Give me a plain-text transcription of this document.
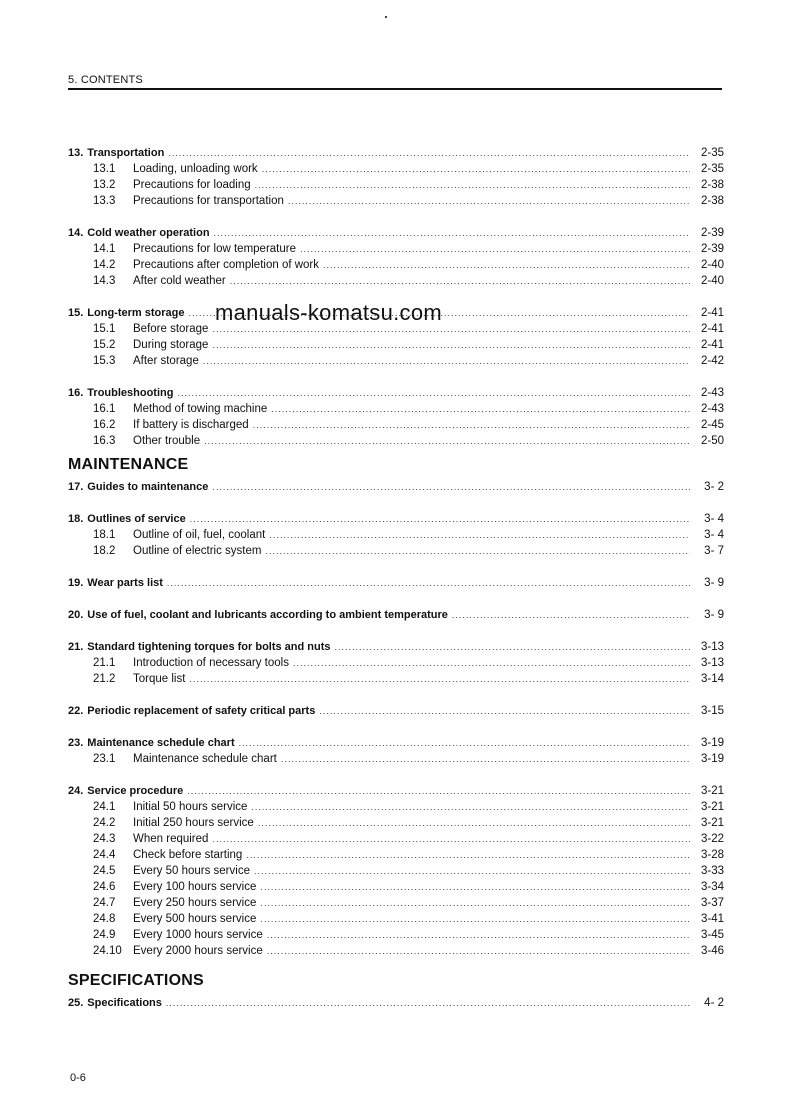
5. CONTENTS
13. Transportation .....	2-35
13.1	Loading, unloading work .....	2-35
13.2	Precautions for loading .....	2-38
13.3	Precautions for transportation .....	2-38
14. Cold weather operation .....	2-39
14.1	Precautions for low temperature .....	2-39
14.2	Precautions after completion of work .....	2-40
14.3	After cold weather .....	2-40
15. Long-term storage .....	2-41
15.1	Before storage .....	2-41
15.2	During storage .....	2-41
15.3	After storage .....	2-42
16. Troubleshooting .....	2-43
16.1	Method of towing machine .....	2-43
16.2	If battery is discharged .....	2-45
16.3	Other trouble .....	2-50
MAINTENANCE
17. Guides to maintenance .....	3- 2
18. Outlines of service .....	3- 4
18.1	Outline of oil, fuel, coolant .....	3- 4
18.2	Outline of electric system .....	3- 7
19. Wear parts list .....	3- 9
20. Use of fuel, coolant and lubricants according to ambient temperature .....	3- 9
21. Standard tightening torques for bolts and nuts .....	3-13
21.1	Introduction of necessary tools .....	3-13
21.2	Torque list .....	3-14
22. Periodic replacement of safety critical parts .....	3-15
23. Maintenance schedule chart .....	3-19
23.1	Maintenance schedule chart .....	3-19
24. Service procedure .....	3-21
24.1	Initial 50 hours service .....	3-21
24.2	Initial 250 hours service .....	3-21
24.3	When required .....	3-22
24.4	Check before starting .....	3-28
24.5	Every 50 hours service .....	3-33
24.6	Every 100 hours service .....	3-34
24.7	Every 250 hours service .....	3-37
24.8	Every 500 hours service .....	3-41
24.9	Every 1000 hours service .....	3-45
24.10 Every 2000 hours service .....	3-46
SPECIFICATIONS
25. Specifications .....	4- 2
manuals-komatsu.com
0-6
